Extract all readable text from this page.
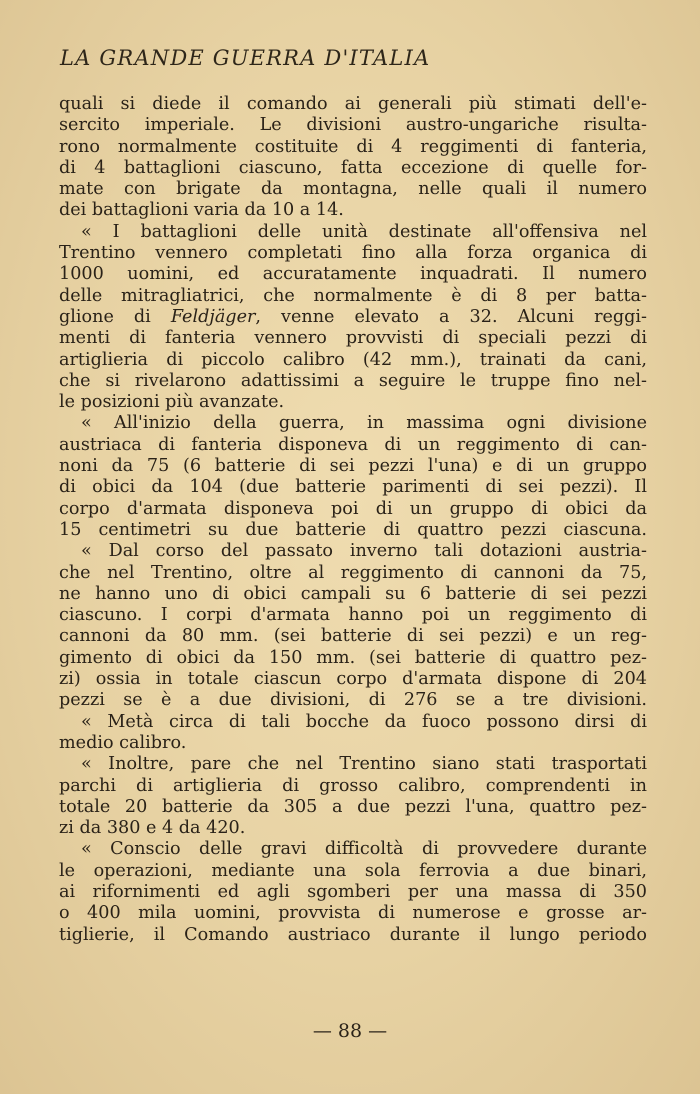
LA GRANDE GUERRA D'ITALIA
quali si diede il comando ai generali più stimati dell'e-
sercito imperiale. Le divisioni austro-ungariche risulta-
rono normalmente costituite di 4 reggimenti di fanteria,
di 4 battaglioni ciascuno, fatta eccezione di quelle for-
mate con brigate da montagna, nelle quali il numero
dei battaglioni varia da 10 a 14.
« I battaglioni delle unità destinate all'offensiva nel
Trentino vennero completati fino alla forza organica di
1000 uomini, ed accuratamente inquadrati. Il numero
delle mitragliatrici, che normalmente è di 8 per batta-
glione di Feldjäger, venne elevato a 32. Alcuni reggi-
menti di fanteria vennero provvisti di speciali pezzi di
artiglieria di piccolo calibro (42 mm.), trainati da cani,
che si rivelarono adattissimi a seguire le truppe fino nel-
le posizioni più avanzate.
« All'inizio della guerra, in massima ogni divisione
austriaca di fanteria disponeva di un reggimento di can-
noni da 75 (6 batterie di sei pezzi l'una) e di un gruppo
di obici da 104 (due batterie parimenti di sei pezzi). Il
corpo d'armata disponeva poi di un gruppo di obici da
15 centimetri su due batterie di quattro pezzi ciascuna.
« Dal corso del passato inverno tali dotazioni austria-
che nel Trentino, oltre al reggimento di cannoni da 75,
ne hanno uno di obici campali su 6 batterie di sei pezzi
ciascuno. I corpi d'armata hanno poi un reggimento di
cannoni da 80 mm. (sei batterie di sei pezzi) e un reg-
gimento di obici da 150 mm. (sei batterie di quattro pez-
zi) ossia in totale ciascun corpo d'armata dispone di 204
pezzi se è a due divisioni, di 276 se a tre divisioni.
« Metà circa di tali bocche da fuoco possono dirsi di
medio calibro.
« Inoltre, pare che nel Trentino siano stati trasportati
parchi di artiglieria di grosso calibro, comprendenti in
totale 20 batterie da 305 a due pezzi l'una, quattro pez-
zi da 380 e 4 da 420.
« Conscio delle gravi difficoltà di provvedere durante
le operazioni, mediante una sola ferrovia a due binari,
ai rifornimenti ed agli sgomberi per una massa di 350
o 400 mila uomini, provvista di numerose e grosse ar-
tiglierie, il Comando austriaco durante il lungo periodo
— 88 —
